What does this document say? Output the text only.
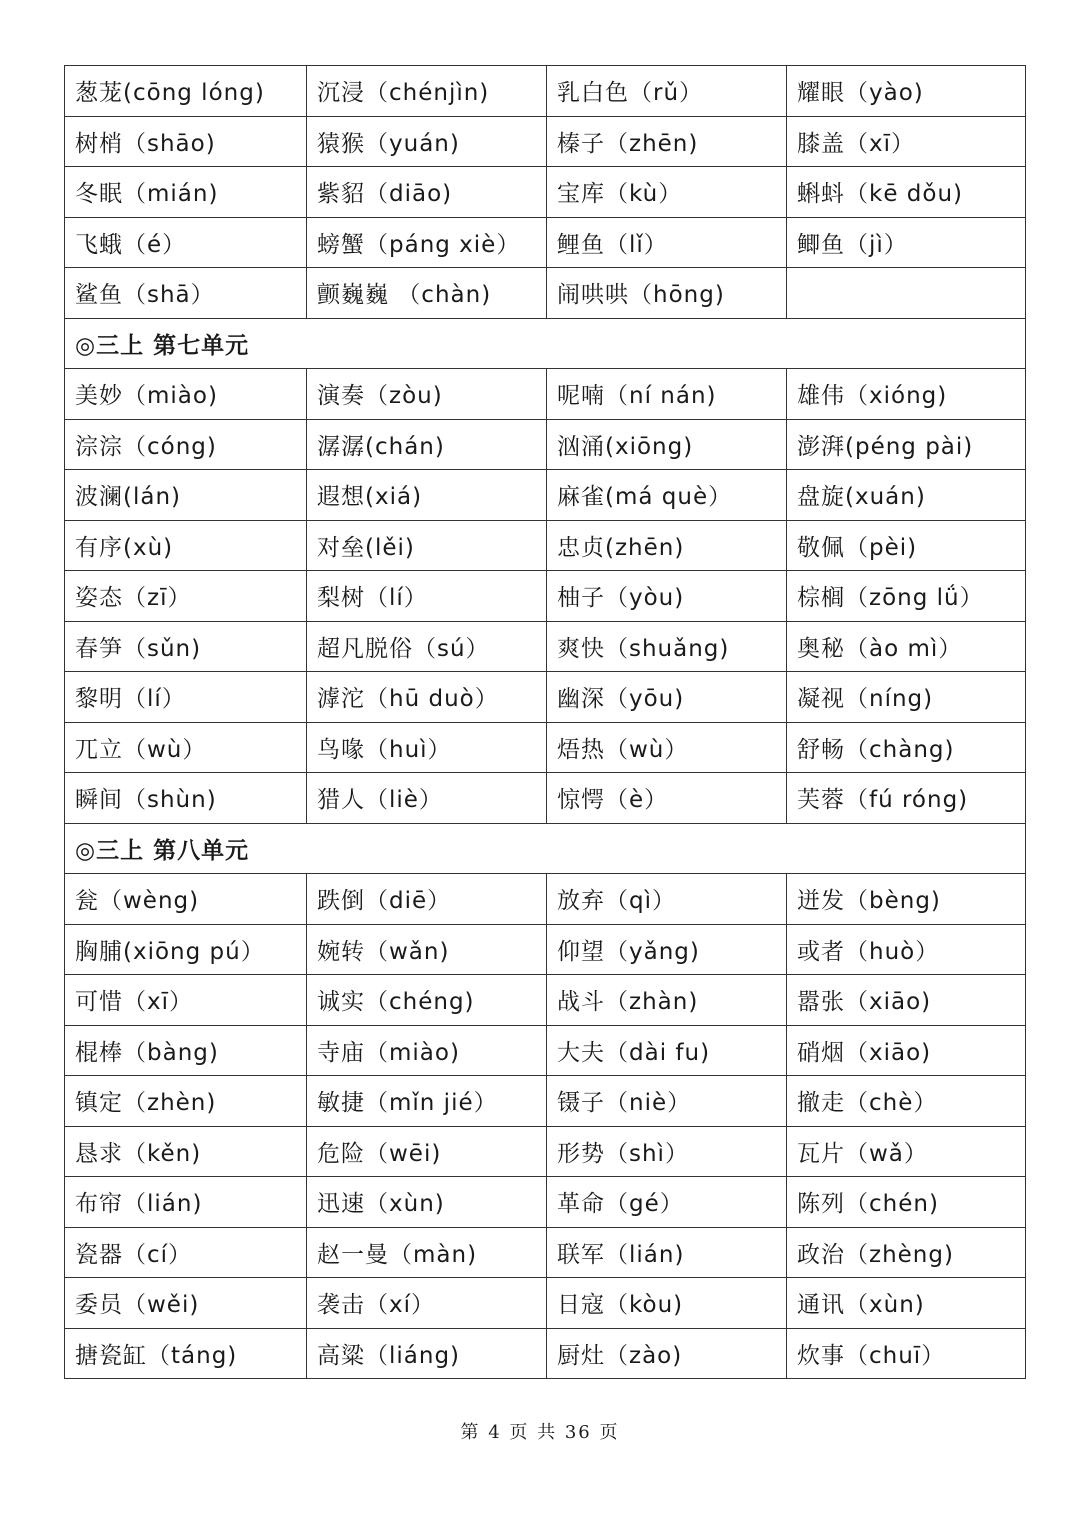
葱茏(cōng lóng)	沉浸（chénjìn)	乳白色（rǔ）	耀眼（yào)
树梢（shāo)	猿猴（yuán)	榛子（zhēn)	膝盖（xī）
冬眠（mián)	紫貂（diāo)	宝库（kù）	蝌蚪（kē dǒu)
飞蛾（é）	螃蟹（páng xiè）	鲤鱼（lǐ）	鲫鱼（jì）
鲨鱼（shā）	颤巍巍 （chàn)	闹哄哄（hōng)	
◎三上 第七单元			
美妙（miào)	演奏（zòu)	呢喃（ní nán)	雄伟（xióng)
淙淙（cóng)	潺潺(chán)	汹涌(xiōng)	澎湃(péng pài)
波澜(lán)	遐想(xiá)	麻雀(má què）	盘旋(xuán)
有序(xù)	对垒(lěi)	忠贞(zhēn)	敬佩（pèi)
姿态（zī）	梨树（lí）	柚子（yòu)	棕榈（zōng lǘ）
春笋（sǔn)	超凡脱俗（sú）	爽快（shuǎng)	奥秘（ào mì）
黎明（lí）	滹沱（hū duò）	幽深（yōu)	凝视（níng)
兀立（wù）	鸟喙（huì）	焐热（wù）	舒畅（chàng)
瞬间（shùn)	猎人（liè）	惊愕（è）	芙蓉（fú róng)
◎三上 第八单元			
瓮（wèng)	跌倒（diē）	放弃（qì）	迸发（bèng)
胸脯(xiōng pú）	婉转（wǎn)	仰望（yǎng)	或者（huò）
可惜（xī）	诚实（chéng)	战斗（zhàn)	嚣张（xiāo)
棍棒（bàng)	寺庙（miào)	大夫（dài fu)	硝烟（xiāo)
镇定（zhèn)	敏捷（mǐn jié）	镊子（niè）	撤走（chè）
恳求（kěn)	危险（wēi)	形势（shì）	瓦片（wǎ）
布帘（lián)	迅速（xùn)	革命（gé）	陈列（chén)
瓷器（cí）	赵一曼（màn)	联军（lián)	政治（zhèng)
委员（wěi)	袭击（xí）	日寇（kòu)	通讯（xùn)
搪瓷缸（táng)	高粱（liáng)	厨灶（zào)	炊事（chuī）
第 4 页 共 36 页
